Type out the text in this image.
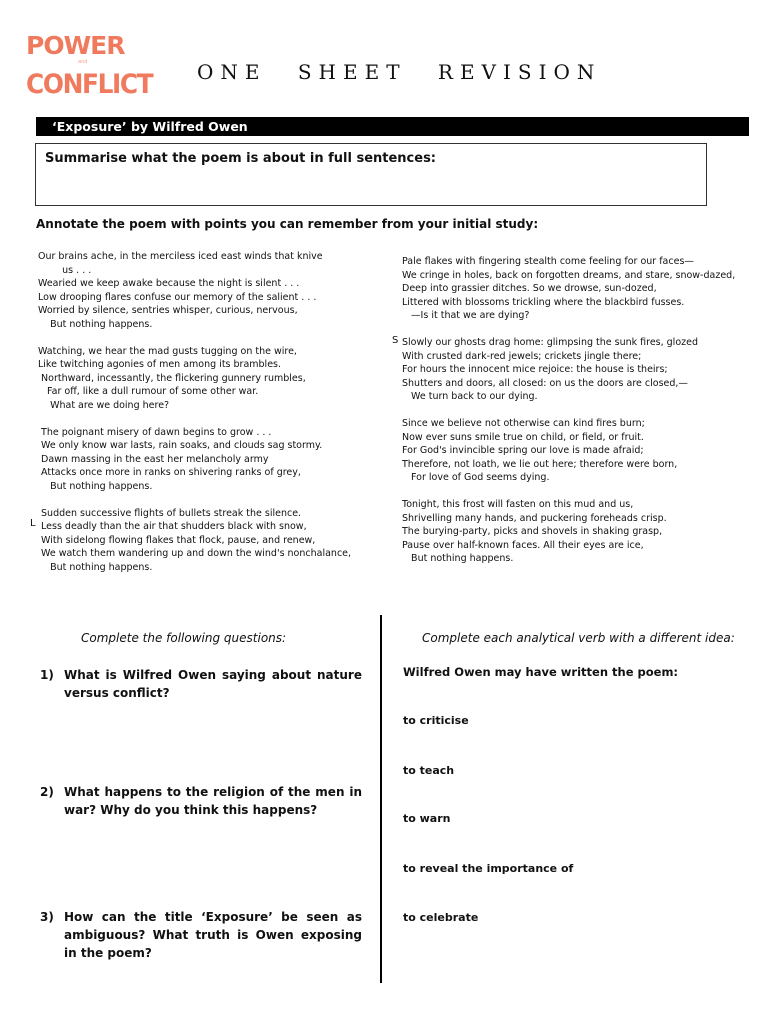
POWER
and
CONFLICT ONE SHEET REVISION
‘Exposure’ by Wilfred Owen
Summarise what the poem is about in full sentences:
Annotate the poem with points you can remember from your initial study:
Our brains ache, in the merciless iced east winds that knive
us . . .
Wearied we keep awake because the night is silent . . .
Low drooping flares confuse our memory of the salient . . .
Worried by silence, sentries whisper, curious, nervous,
But nothing happens.
Watching, we hear the mad gusts tugging on the wire,
Like twitching agonies of men among its brambles.
Northward, incessantly, the flickering gunnery rumbles,
Far off, like a dull rumour of some other war.
What are we doing here?
The poignant misery of dawn begins to grow . . .
We only know war lasts, rain soaks, and clouds sag stormy.
Dawn massing in the east her melancholy army
Attacks once more in ranks on shivering ranks of grey,
But nothing happens.
Sudden successive flights of bullets streak the silence.
Less deadly than the air that shudders black with snow,
With sidelong flowing flakes that flock, pause, and renew,
We watch them wandering up and down the wind's nonchalance,
But nothing happens.
L
Pale flakes with fingering stealth come feeling for our faces—
We cringe in holes, back on forgotten dreams, and stare, snow-dazed,
Deep into grassier ditches. So we drowse, sun-dozed,
Littered with blossoms trickling where the blackbird fusses.
—Is it that we are dying?
Slowly our ghosts drag home: glimpsing the sunk fires, glozed
With crusted dark-red jewels; crickets jingle there;
For hours the innocent mice rejoice: the house is theirs;
Shutters and doors, all closed: on us the doors are closed,—
We turn back to our dying.
Since we believe not otherwise can kind fires burn;
Now ever suns smile true on child, or field, or fruit.
For God's invincible spring our love is made afraid;
Therefore, not loath, we lie out here; therefore were born,
For love of God seems dying.
Tonight, this frost will fasten on this mud and us,
Shrivelling many hands, and puckering foreheads crisp.
The burying-party, picks and shovels in shaking grasp,
Pause over half-known faces. All their eyes are ice,
But nothing happens.
S
Complete the following questions:	Complete each analytical verb with a different idea:
1) What is Wilfred Owen saying about nature versus conflict?
2) What happens to the religion of the men in war? Why do you think this happens?
3) How can the title ‘Exposure’ be seen as ambiguous? What truth is Owen exposing in the poem?
Wilfred Owen may have written the poem:
to criticise
to teach
to warn
to reveal the importance of
to celebrate
